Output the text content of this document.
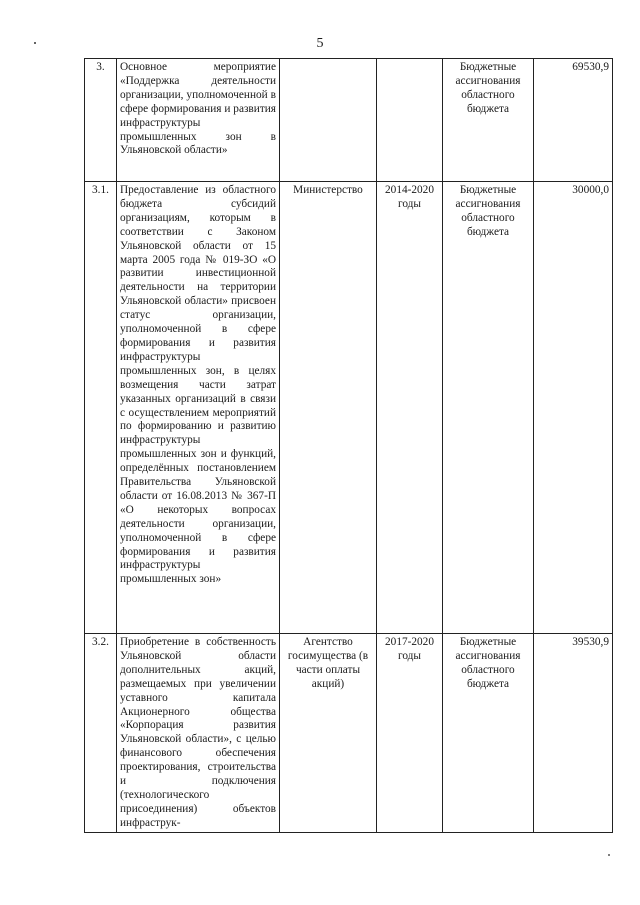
5
3.	Основное мероприятие «Поддержка деятельности организации, уполномоченной в сфере формирования и развития инфраструктуры промышленных зон в Ульяновской области»			Бюджетные ассигнования областного бюджета	69530,9
3.1.	Предоставление из областного бюджета субсидий организациям, которым в соответствии с Законом Ульяновской области от 15 марта 2005 года № 019-ЗО «О развитии инвестиционной деятельности на территории Ульяновской области» присвоен статус организации, уполномоченной в сфере формирования и развития инфраструктуры промышленных зон, в целях возмещения части затрат указанных организаций в связи с осуществлением мероприятий по формированию и развитию инфраструктуры промышленных зон и функций, определённых постановлением Правительства Ульяновской области от 16.08.2013 № 367-П «О некоторых вопросах деятельности организации, уполномоченной в сфере формирования и развития инфраструктуры промышленных зон»	Министерство	2014-2020 годы	Бюджетные ассигнования областного бюджета	30000,0
3.2.	Приобретение в собственность Ульяновской области дополнительных акций, размещаемых при увеличении уставного капитала Акционерного общества «Корпорация развития Ульяновской области», с целью финансового обеспечения проектирования, строительства и подключения (технологического присоединения) объектов инфраструк-	Агентство госимущества (в части оплаты акций)	2017-2020 годы	Бюджетные ассигнования областного бюджета	39530,9
